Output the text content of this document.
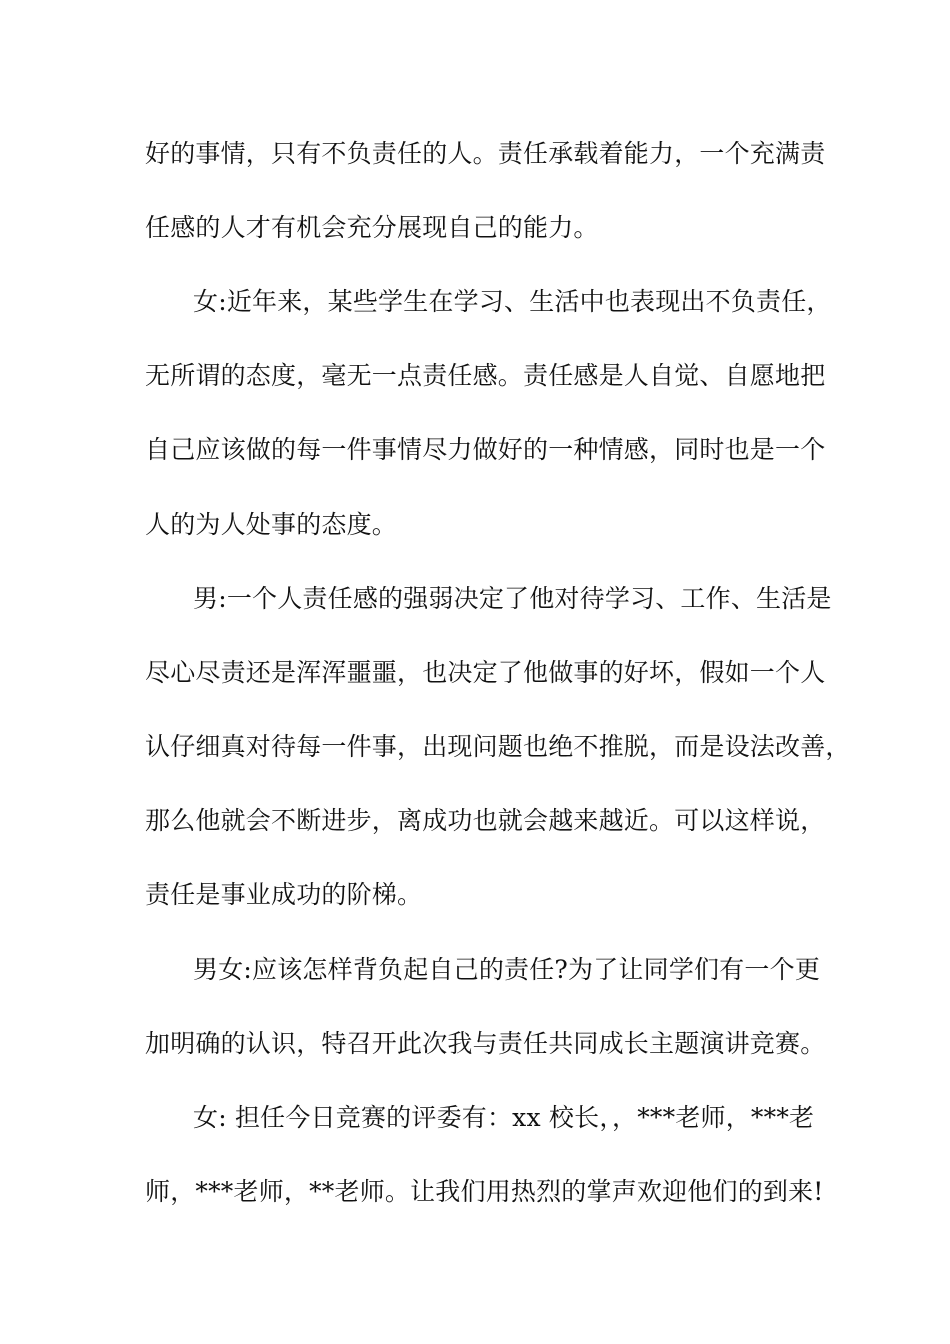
好的事情，只有不负责任的人。责任承载着能力，一个充满责
任感的人才有机会充分展现自己的能力。
女:近年来，某些学生在学习、生活中也表现出不负责任，
无所谓的态度，毫无一点责任感。责任感是人自觉、自愿地把
自己应该做的每一件事情尽力做好的一种情感，同时也是一个
人的为人处事的态度。
男:一个人责任感的强弱决定了他对待学习、工作、生活是
尽心尽责还是浑浑噩噩，也决定了他做事的好坏，假如一个人
认仔细真对待每一件事，出现问题也绝不推脱，而是设法改善，
那么他就会不断进步，离成功也就会越来越近。可以这样说，
责任是事业成功的阶梯。
男女:应该怎样背负起自己的责任?为了让同学们有一个更
加明确的认识，特召开此次我与责任共同成长主题演讲竞赛。
女: 担任今日竞赛的评委有：xx 校长，，***老师，***老
师，***老师，**老师。让我们用热烈的掌声欢迎他们的到来!
